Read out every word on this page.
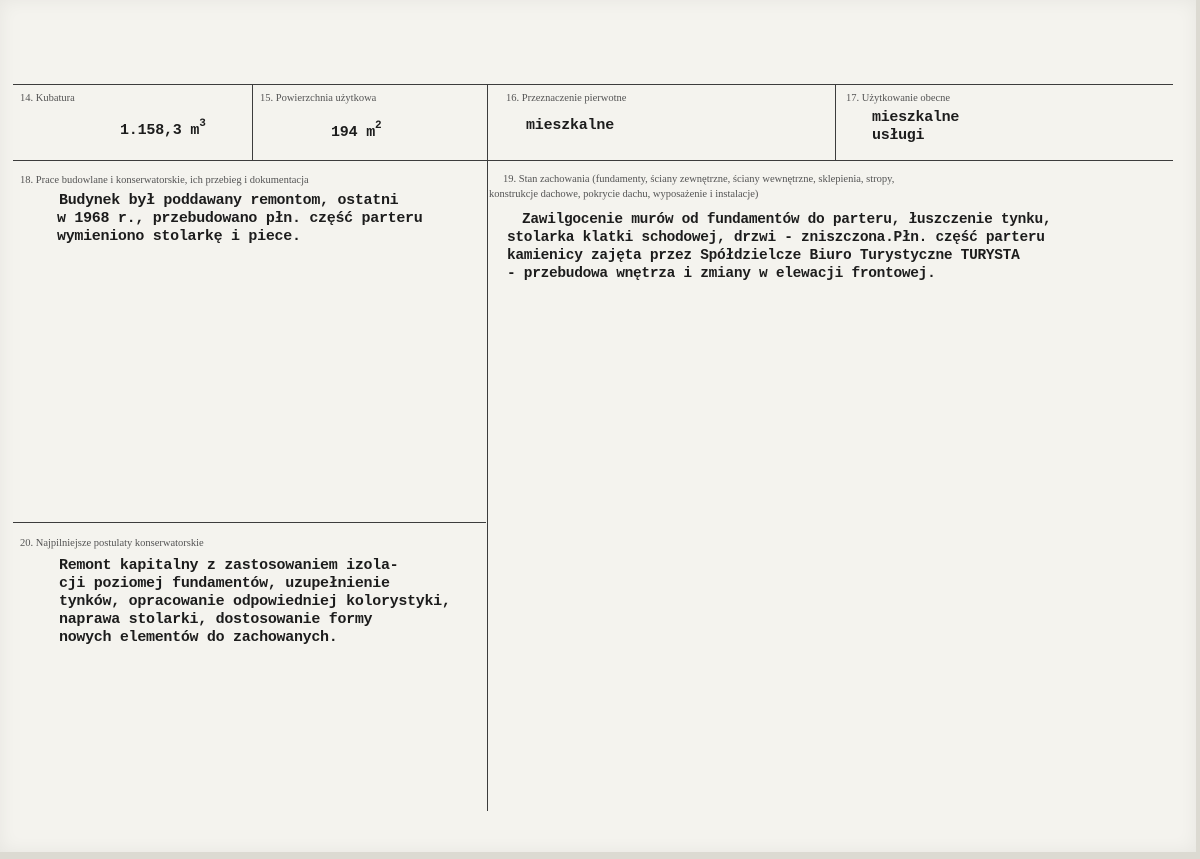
14. Kubatura
1.158,3 $m^3$
15. Powierzchnia użytkowa
194 $m^2$
16. Przeznaczenie pierwotne
mieszkalne
17. Użytkowanie obecne
mieszkalne
usługi
18. Prace budowlane i konserwatorskie, ich przebieg i dokumentacja
Budynek był poddawany remontom, ostatni
w 1968 r., przebudowano płn. część parteru
wymieniono stolarkę i piece.
19. Stan zachowania (fundamenty, ściany zewnętrzne, ściany wewnętrzne, sklepienia, stropy,
konstrukcje dachowe, pokrycie dachu, wyposażenie i instalacje)
Zawilgocenie murów od fundamentów do parteru, łuszczenie tynku,
stolarka klatki schodowej, drzwi - zniszczona.Płn. część parteru
kamienicy zajęta przez Spółdzielcze Biuro Turystyczne TURYSTA
- przebudowa wnętrza i zmiany w elewacji frontowej.
20. Najpilniejsze postulaty konserwatorskie
Remont kapitalny z zastosowaniem izola-
cji poziomej fundamentów, uzupełnienie
tynków, opracowanie odpowiedniej kolorystyki,
naprawa stolarki, dostosowanie formy
nowych elementów do zachowanych.
